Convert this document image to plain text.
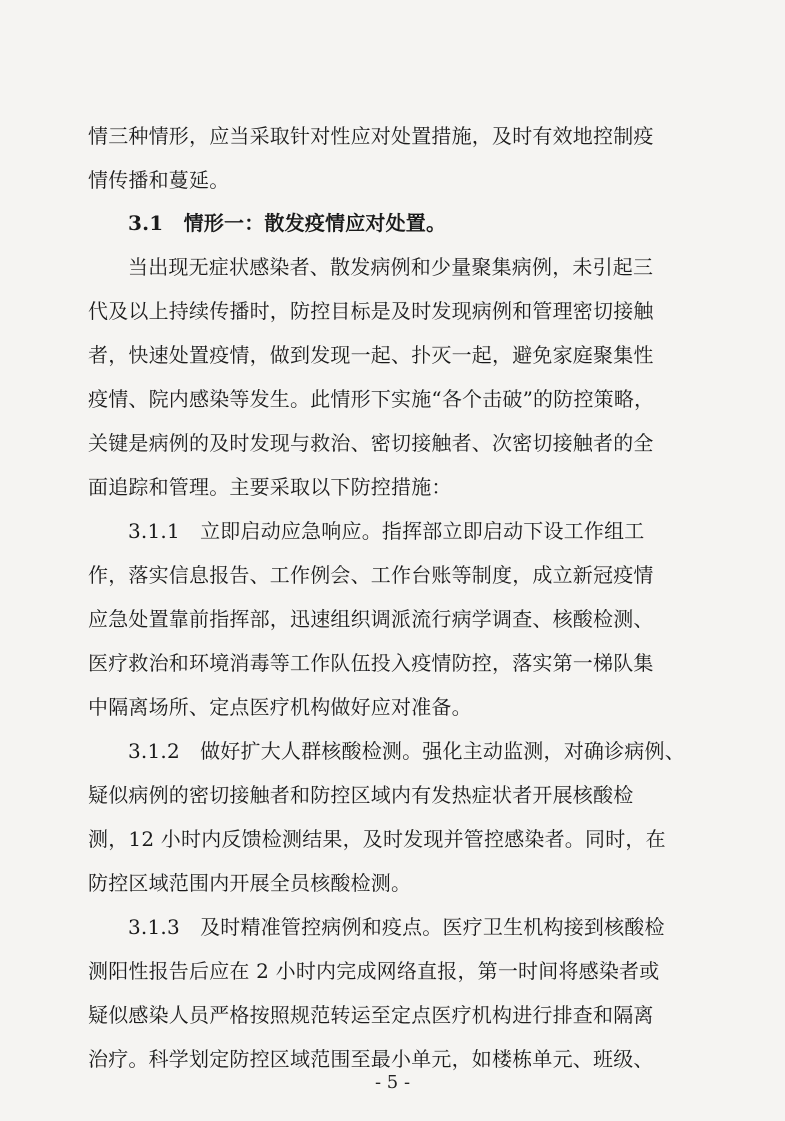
情三种情形，应当采取针对性应对处置措施，及时有效地控制疫
情传播和蔓延。
3.1　情形一：散发疫情应对处置。
当出现无症状感染者、散发病例和少量聚集病例，未引起三
代及以上持续传播时，防控目标是及时发现病例和管理密切接触
者，快速处置疫情，做到发现一起、扑灭一起，避免家庭聚集性
疫情、院内感染等发生。此情形下实施“各个击破”的防控策略，
关键是病例的及时发现与救治、密切接触者、次密切接触者的全
面追踪和管理。主要采取以下防控措施：
3.1.1　立即启动应急响应。指挥部立即启动下设工作组工
作，落实信息报告、工作例会、工作台账等制度，成立新冠疫情
应急处置靠前指挥部，迅速组织调派流行病学调查、核酸检测、
医疗救治和环境消毒等工作队伍投入疫情防控，落实第一梯队集
中隔离场所、定点医疗机构做好应对准备。
3.1.2　做好扩大人群核酸检测。强化主动监测，对确诊病例、
疑似病例的密切接触者和防控区域内有发热症状者开展核酸检
测，12 小时内反馈检测结果，及时发现并管控感染者。同时，在
防控区域范围内开展全员核酸检测。
3.1.3　及时精准管控病例和疫点。医疗卫生机构接到核酸检
测阳性报告后应在 2 小时内完成网络直报，第一时间将感染者或
疑似感染人员严格按照规范转运至定点医疗机构进行排查和隔离
治疗。科学划定防控区域范围至最小单元，如楼栋单元、班级、
- 5 -
